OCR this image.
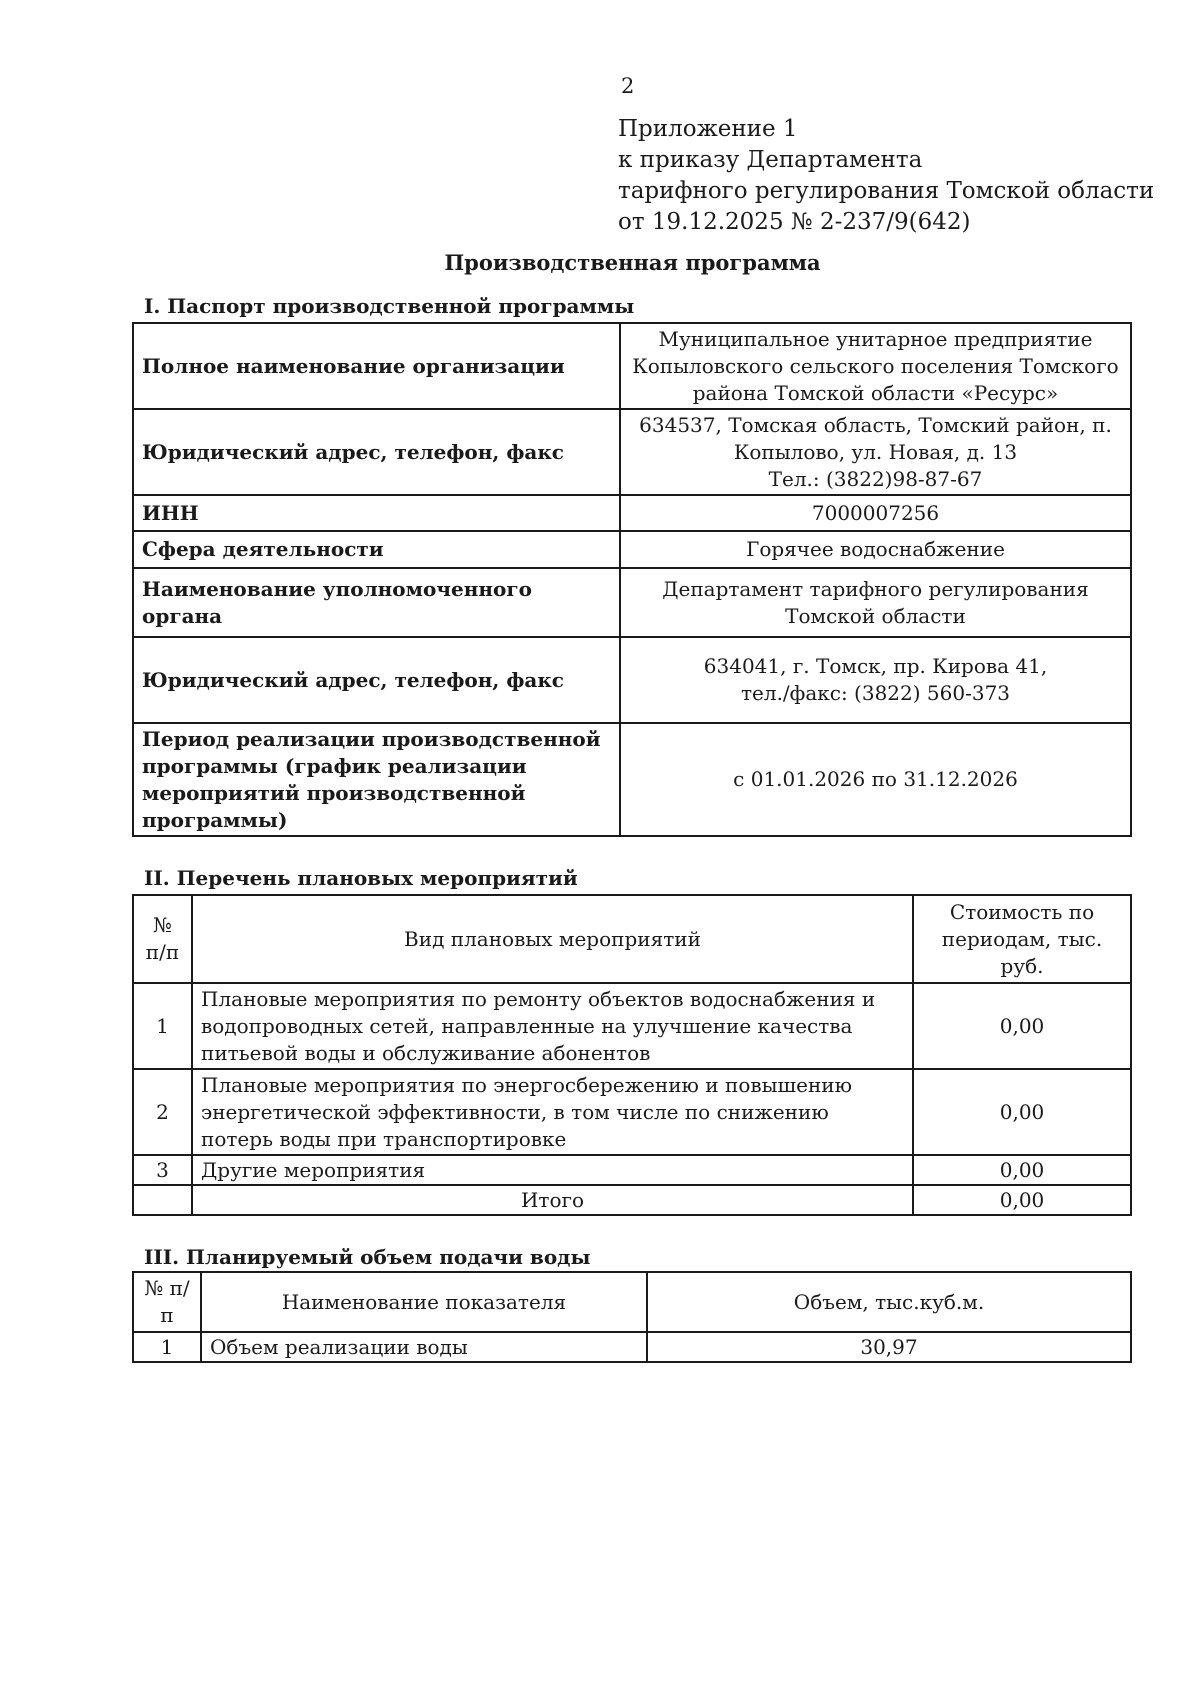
2
Приложение 1
к приказу Департамента
тарифного регулирования Томской области
от 19.12.2025 № 2-237/9(642)
Производственная программа
I. Паспорт производственной программы
Полное наименование организации	Муниципальное унитарное предприятие
Копыловского сельского поселения Томского
района Томской области «Ресурс»

Юридический адрес, телефон, факс	634537, Томская область, Томский район, п.
Копылово, ул. Новая, д. 13
Тел.: (3822)98-87-67

ИНН	7000007256

Сфера деятельности	Горячее водоснабжение

Наименование уполномоченного органа	Департамент тарифного регулирования
Томской области

Юридический адрес, телефон, факс	634041, г. Томск, пр. Кирова 41,
тел./факс: (3822) 560-373

Период реализации производственной программы (график реализации мероприятий производственной программы)	с 01.01.2026 по 31.12.2026
II. Перечень плановых мероприятий
№ п/п	Вид плановых мероприятий	Стоимость по периодам, тыс. руб.
1	Плановые мероприятия по ремонту объектов водоснабжения и водопроводных сетей, направленные на улучшение качества питьевой воды и обслуживание абонентов	0,00
2	Плановые мероприятия по энергосбережению и повышению энергетической эффективности, в том числе по снижению потерь воды при транспортировке	0,00
3	Другие мероприятия	0,00
	Итого	0,00
III. Планируемый объем подачи воды
№ п/п	Наименование показателя	Объем, тыс.куб.м.
1	Объем реализации воды	30,97
